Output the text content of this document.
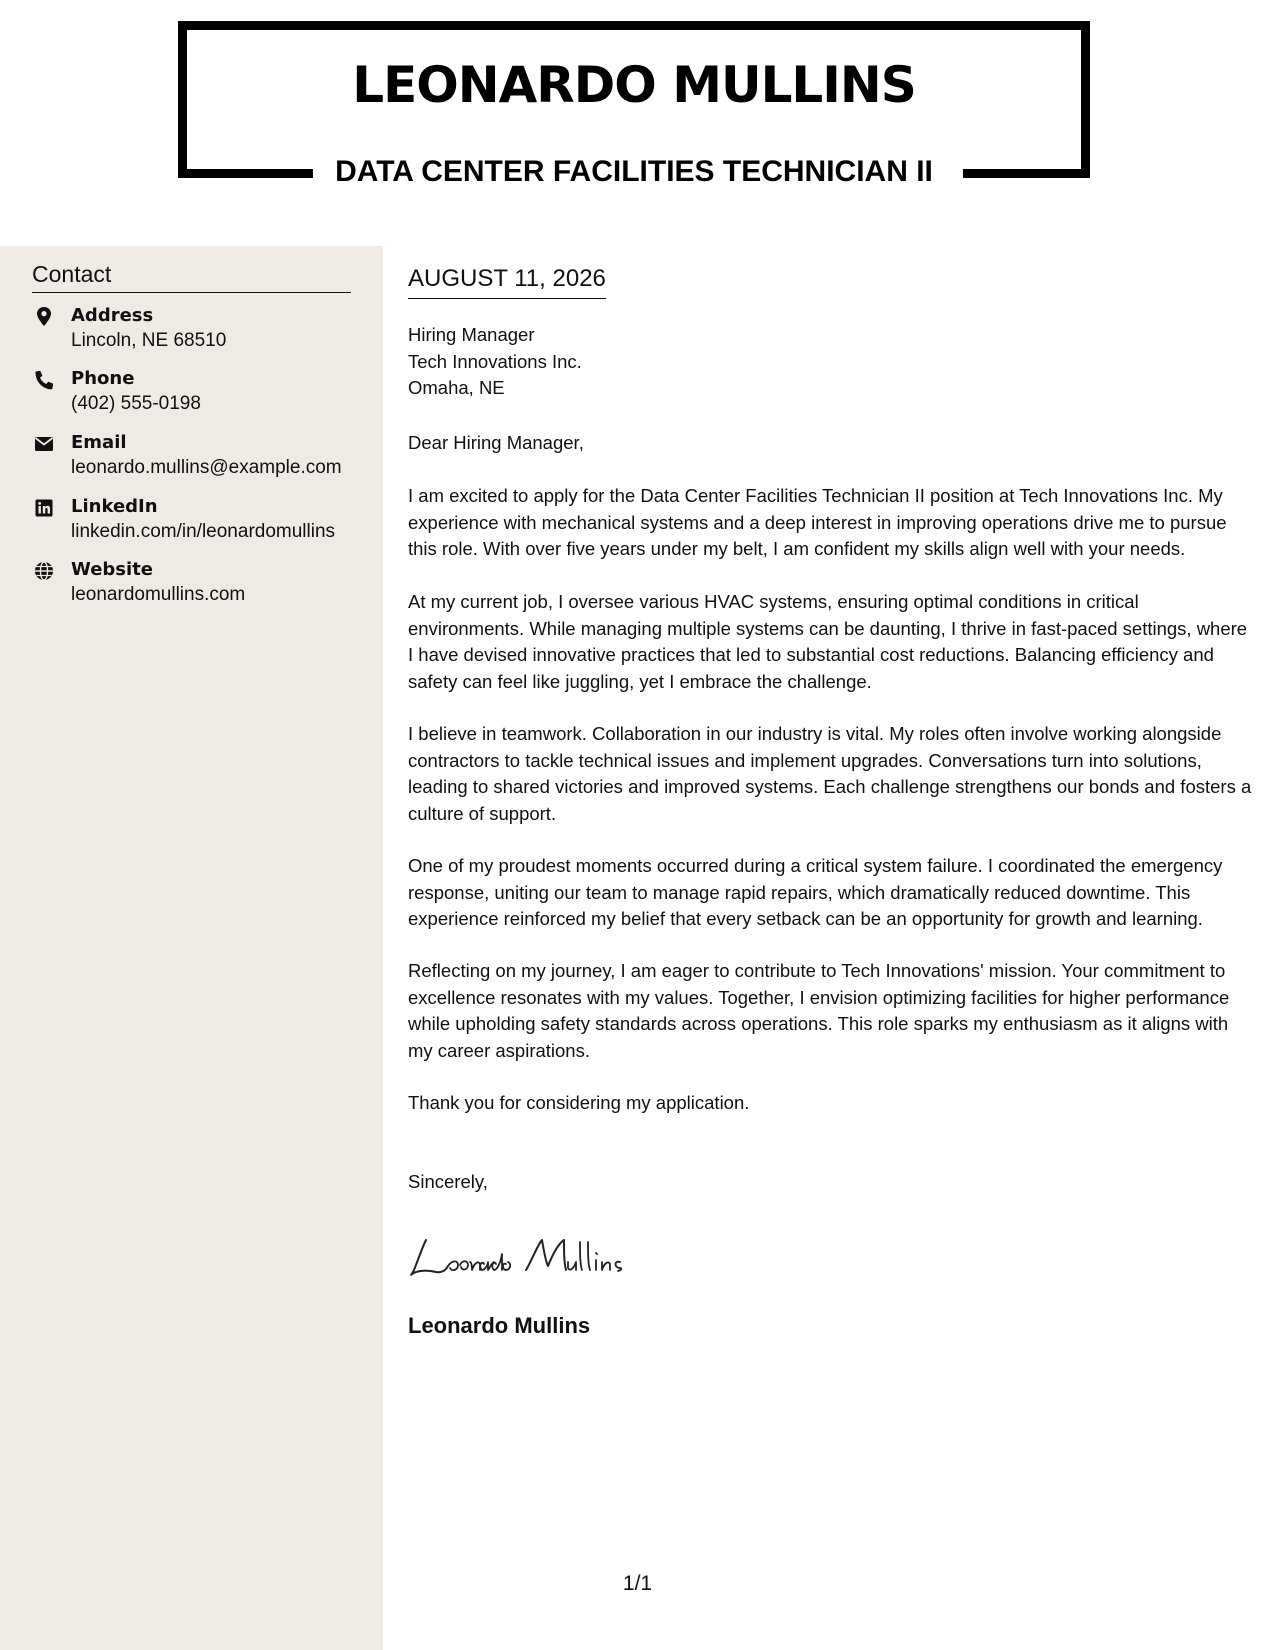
LEONARDO MULLINS
DATA CENTER FACILITIES TECHNICIAN II
Contact
Address
Lincoln, NE 68510
Phone
(402) 555-0198
Email
leonardo.mullins@example.com
LinkedIn
linkedin.com/in/leonardomullins
Website
leonardomullins.com
AUGUST 11, 2026
Hiring Manager
Tech Innovations Inc.
Omaha, NE
Dear Hiring Manager,
I am excited to apply for the Data Center Facilities Technician II position at Tech Innovations Inc. My experience with mechanical systems and a deep interest in improving operations drive me to pursue this role. With over five years under my belt, I am confident my skills align well with your needs.
At my current job, I oversee various HVAC systems, ensuring optimal conditions in critical environments. While managing multiple systems can be daunting, I thrive in fast-paced settings, where I have devised innovative practices that led to substantial cost reductions. Balancing efficiency and safety can feel like juggling, yet I embrace the challenge.
I believe in teamwork. Collaboration in our industry is vital. My roles often involve working alongside contractors to tackle technical issues and implement upgrades. Conversations turn into solutions, leading to shared victories and improved systems. Each challenge strengthens our bonds and fosters a culture of support.
One of my proudest moments occurred during a critical system failure. I coordinated the emergency response, uniting our team to manage rapid repairs, which dramatically reduced downtime. This experience reinforced my belief that every setback can be an opportunity for growth and learning.
Reflecting on my journey, I am eager to contribute to Tech Innovations' mission. Your commitment to excellence resonates with my values. Together, I envision optimizing facilities for higher performance while upholding safety standards across operations. This role sparks my enthusiasm as it aligns with my career aspirations.
Thank you for considering my application.
Sincerely,
Leonardo Mullins
1/1
